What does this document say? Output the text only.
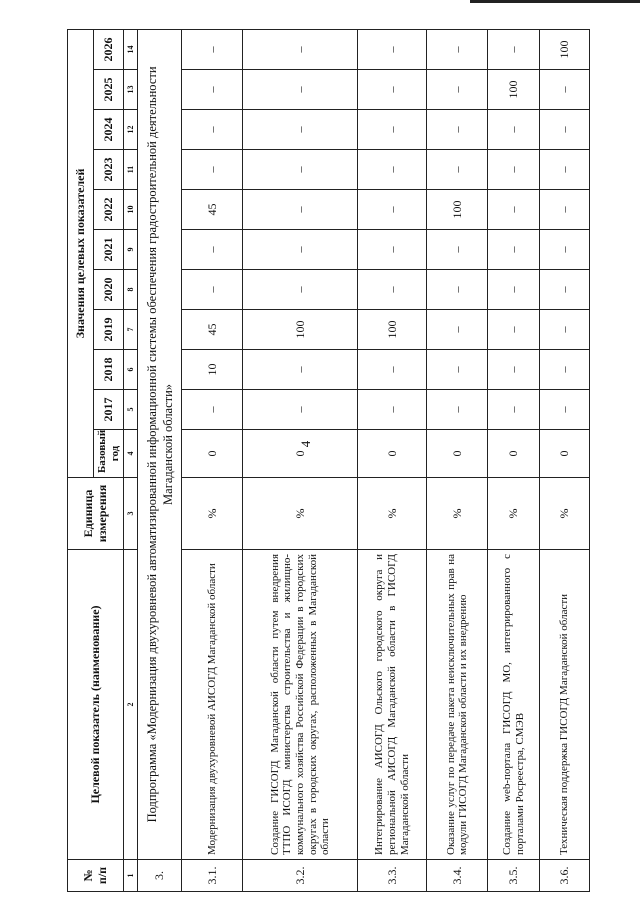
4
№ п/п	Целевой показатель (наименование)	Единица измерения	Значения целевых показателей										
			Базовый год	2017	2018	2019	2020	2021	2022	2023	2024	2025	2026
1	2	3	4	5	6	7	8	9	10	11	12	13	14
3.	Подпрограмма «Модернизация двухуровневой автоматизированной информационной системы обеспечения градостроительной деятельности Магаданской области»												
3.1.	Модернизация двухуровневой АИСОГД Магаданской области	%	0	–	10	45	–	–	45	–	–	–	–
3.2.	Создание ГИСОГД Магаданской области путем внедрения ТТПО ИСОГД министерства строительства и жилищно-коммунального хозяйства Российской Федерации в городских округах в городских округах, расположенных в Магаданской области	%	0	–	–	100	–	–	–	–	–	–	–
3.3.	Интегрирование АИСОГД Ольского городского округа и региональной АИСОГД Магаданской области в ГИСОГД Магаданской области	%	0	–	–	100	–	–	–	–	–	–	–
3.4.	Оказание услуг по передаче пакета неисключительных прав на модули ГИСОГД Магаданской области и их внедрению	%	0	–	–	–	–	–	100	–	–	–	–
3.5.	Создание web-портала ГИСОГД МО, интегрированного с порталами Росреестра, СМЭВ	%	0	–	–	–	–	–	–	–	–	100	–
3.6.	Техническая поддержка ГИСОГД Магаданской области	%	0	–	–	–	–	–	–	–	–	–	100
